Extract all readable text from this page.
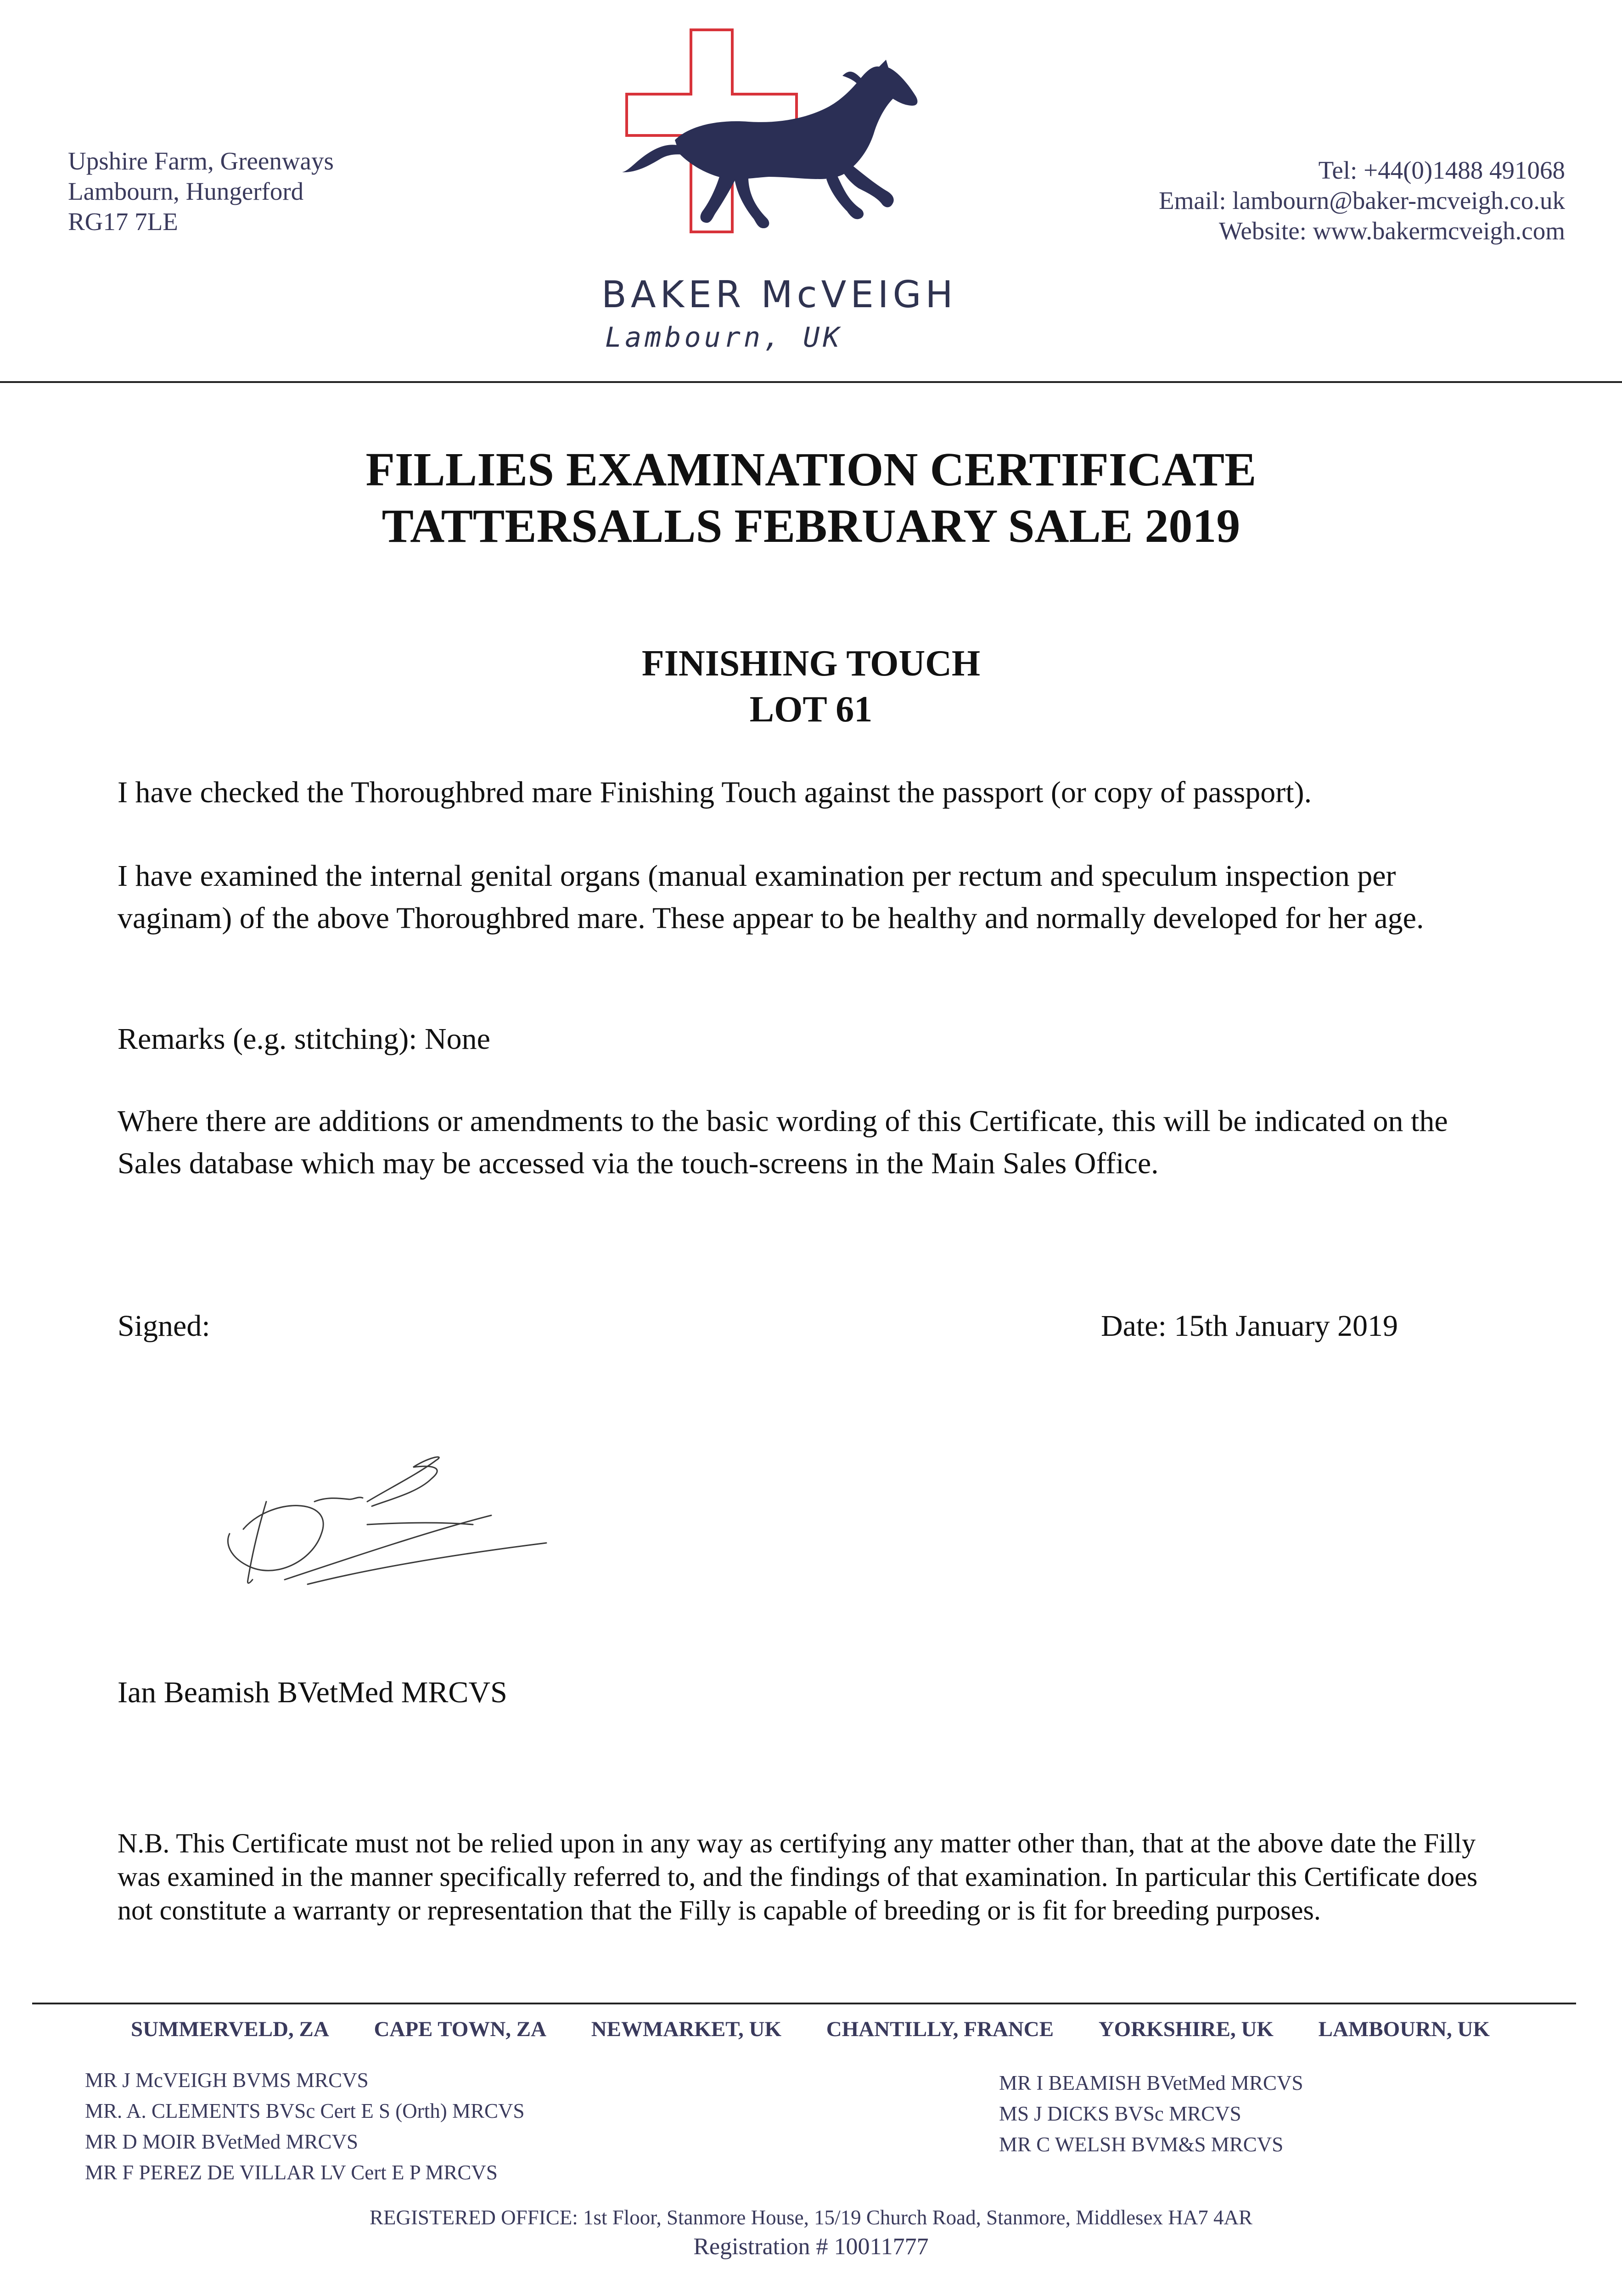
Upshire Farm, Greenways
Lambourn, Hungerford
RG17 7LE
BAKER McVEIGH
Lambourn, UK
Tel: +44(0)1488 491068
Email: lambourn@baker-mcveigh.co.uk
Website: www.bakermcveigh.com
FILLIES EXAMINATION CERTIFICATE
TATTERSALLS FEBRUARY SALE 2019
FINISHING TOUCH
LOT 61
I have checked the Thoroughbred mare Finishing Touch against the passport (or copy of passport).
I have examined the internal genital organs (manual examination per rectum and speculum inspection per vaginam) of the above Thoroughbred mare. These appear to be healthy and normally developed for her age.
Remarks (e.g. stitching): None
Where there are additions or amendments to the basic wording of this Certificate, this will be indicated on the Sales database which may be accessed via the touch-screens in the Main Sales Office.
Signed:	Date: 15th January 2019
Ian Beamish BVetMed MRCVS
N.B. This Certificate must not be relied upon in any way as certifying any matter other than, that at the above date the Filly was examined in the manner specifically referred to, and the findings of that examination. In particular this Certificate does not constitute a warranty or representation that the Filly is capable of breeding or is fit for breeding purposes.
SUMMERVELD, ZA CAPE TOWN, ZA NEWMARKET, UK CHANTILLY, FRANCE YORKSHIRE, UK LAMBOURN, UK
MR J McVEIGH BVMS MRCVS
MR. A. CLEMENTS BVSc Cert E S (Orth) MRCVS
MR D MOIR BVetMed MRCVS
MR F PEREZ DE VILLAR LV Cert E P MRCVS
MR I BEAMISH BVetMed MRCVS
MS J DICKS BVSc MRCVS
MR C WELSH BVM&S MRCVS
REGISTERED OFFICE: 1st Floor, Stanmore House, 15/19 Church Road, Stanmore, Middlesex HA7 4AR
Registration # 10011777
